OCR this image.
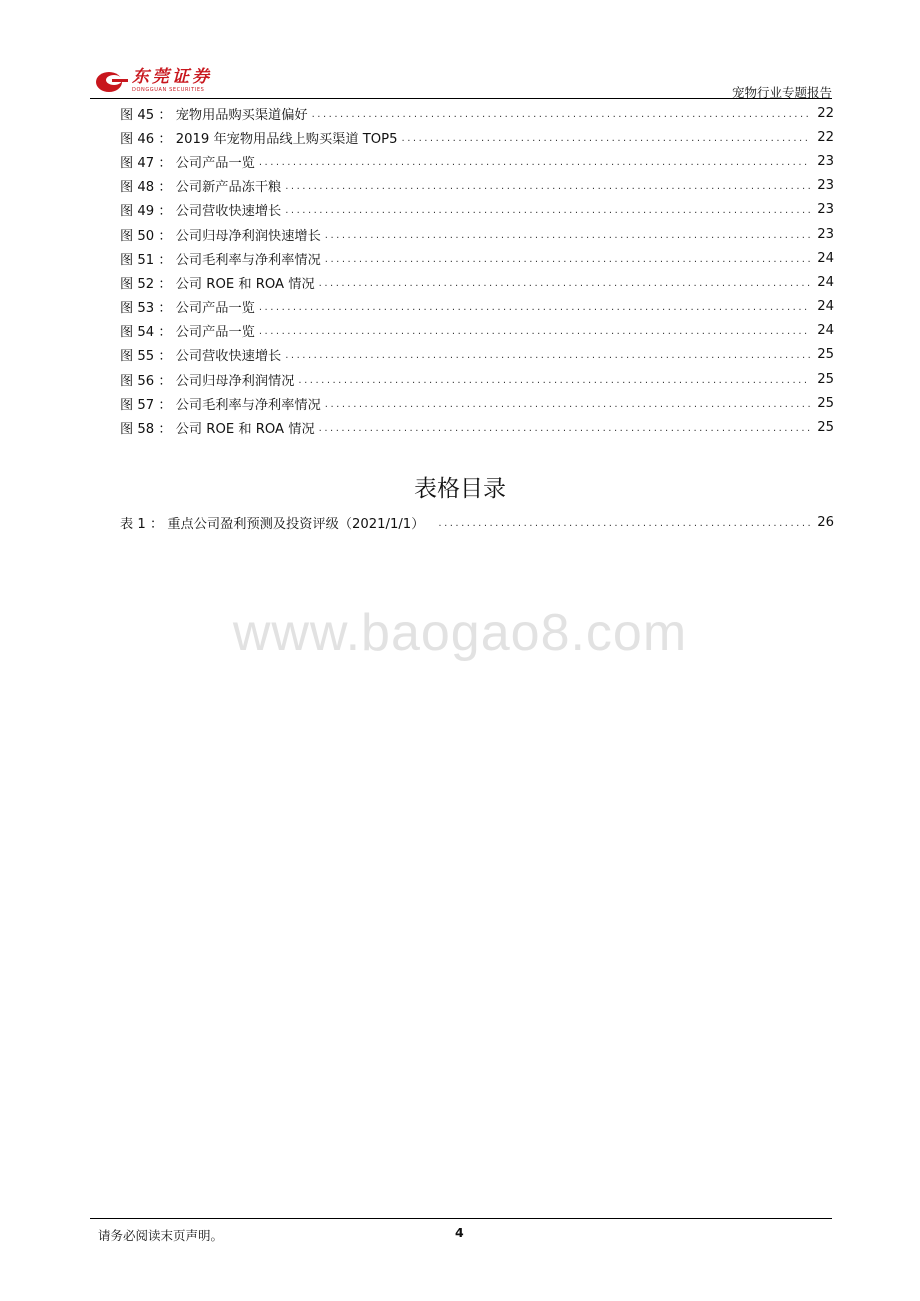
东莞证券
DONGGUAN SECURITIES	宠物行业专题报告
图 45 ： 宠物用品购买渠道偏好 .....	22
图 46 ： 2019 年宠物用品线上购买渠道 TOP5 .....	22
图 47 ： 公司产品一览 .....	23
图 48 ： 公司新产品冻干粮 .....	23
图 49 ： 公司营收快速增长 .....	23
图 50 ： 公司归母净利润快速增长 .....	23
图 51 ： 公司毛利率与净利率情况 .....	24
图 52 ： 公司 ROE 和 ROA 情况 .....	24
图 53 ： 公司产品一览 .....	24
图 54 ： 公司产品一览 .....	24
图 55 ： 公司营收快速增长 .....	25
图 56 ： 公司归母净利润情况 .....	25
图 57 ： 公司毛利率与净利率情况 .....	25
图 58 ： 公司 ROE 和 ROA 情况 .....	25
表格目录
表 1 ： 重点公司盈利预测及投资评级（2021/1/1） .....	26
www.baogao8.com
请务必阅读末页声明。	4
